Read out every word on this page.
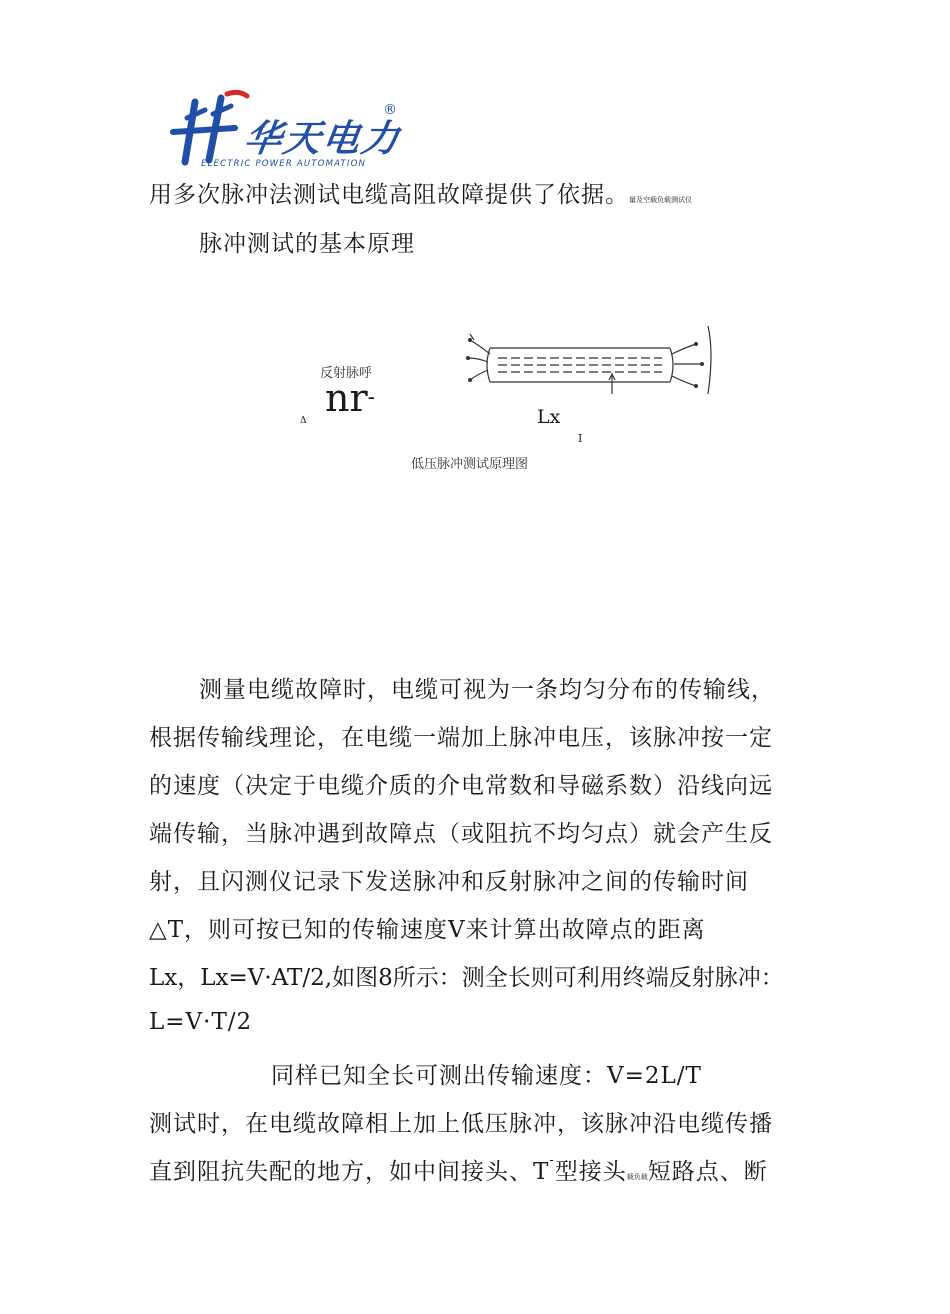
华天电力
®
ELECTRIC POWER AUTOMATION
用多次脉冲法测试电缆高阻故障提供了依据。量及空载负载测试仪
脉冲测试的基本原理
反射脉呼
nr-
Δ	Lx
I
低压脉冲测试原理图
测量电缆故障时，电缆可视为一条均匀分布的传输线，
根据传输线理论，在电缆一端加上脉冲电压，该脉冲按一定
的速度（决定于电缆介质的介电常数和导磁系数）沿线向远
端传输，当脉冲遇到故障点（或阻抗不均匀点）就会产生反
射，且闪测仪记录下发送脉冲和反射脉冲之间的传输时间
△T，则可按已知的传输速度V来计算出故障点的距离
Lx，Lx=V·AT/2,如图8所示：测全长则可利用终端反射脉冲：
L=V·T/2
同样已知全长可测出传输速度：V=2L/T
测试时，在电缆故障相上加上低压脉冲，该脉冲沿电缆传播
直到阻抗失配的地方，如中间接头、T-型接头载负载短路点、断
